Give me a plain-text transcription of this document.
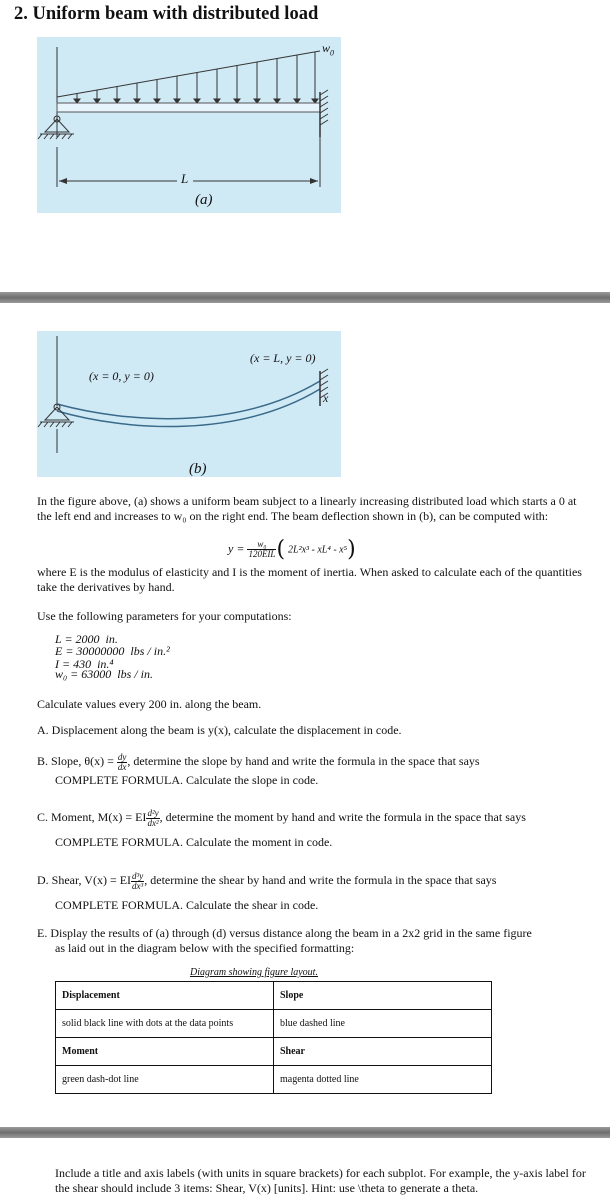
2. Uniform beam with distributed load
$w_0$
L
(a)
(x = 0, y = 0)
(x = L, y = 0)
x
(b)
In the figure above, (a) shows a uniform beam subject to a linearly increasing distributed load which starts a 0 at the left end and increases to w₀ on the right end. The beam deflection shown in (b), can be computed with:
$y = \frac{\text{w₀}}{\text{120EIL}}$ ( 2L²x³ - xL⁴ - x⁵)
where E is the modulus of elasticity and I is the moment of inertia. When asked to calculate each of the quantities take the derivatives by hand.
Use the following parameters for your computations:
L = 2000  in.
E = 30000000  lbs / in.²
I = 430  in.⁴
w₀ = 63000  lbs / in.
Calculate values every 200 in. along the beam.
A. Displacement along the beam is y(x), calculate the displacement in code.
B. Slope, $\theta(x) = \frac{dy}{dx}$ , determine the slope by hand and write the formula in the space that says
COMPLETE FORMULA. Calculate the slope in code.
C. Moment, M(x) = EI $\frac{\text{d²y}}{\text{dx²}}$ , determine the moment by hand and write the formula in the space that says
COMPLETE FORMULA. Calculate the moment in code.
D. Shear, V(x) = EI $\frac{\text{d³y}}{\text{dx³}}$ , determine the shear by hand and write the formula in the space that says
COMPLETE FORMULA. Calculate the shear in code.
E. Display the results of (a) through (d) versus distance along the beam in a 2x2 grid in the same figure
as laid out in the diagram below with the specified formatting:
Diagram showing figure layout.
Displacement	Slope
solid black line with dots at the data points	blue dashed line
Moment	Shear
green dash-dot line	magenta dotted line
Include a title and axis labels (with units in square brackets) for each subplot. For example, the y-axis label for the shear should include 3 items: Shear, V(x) [units]. Hint: use \theta to generate a theta.
